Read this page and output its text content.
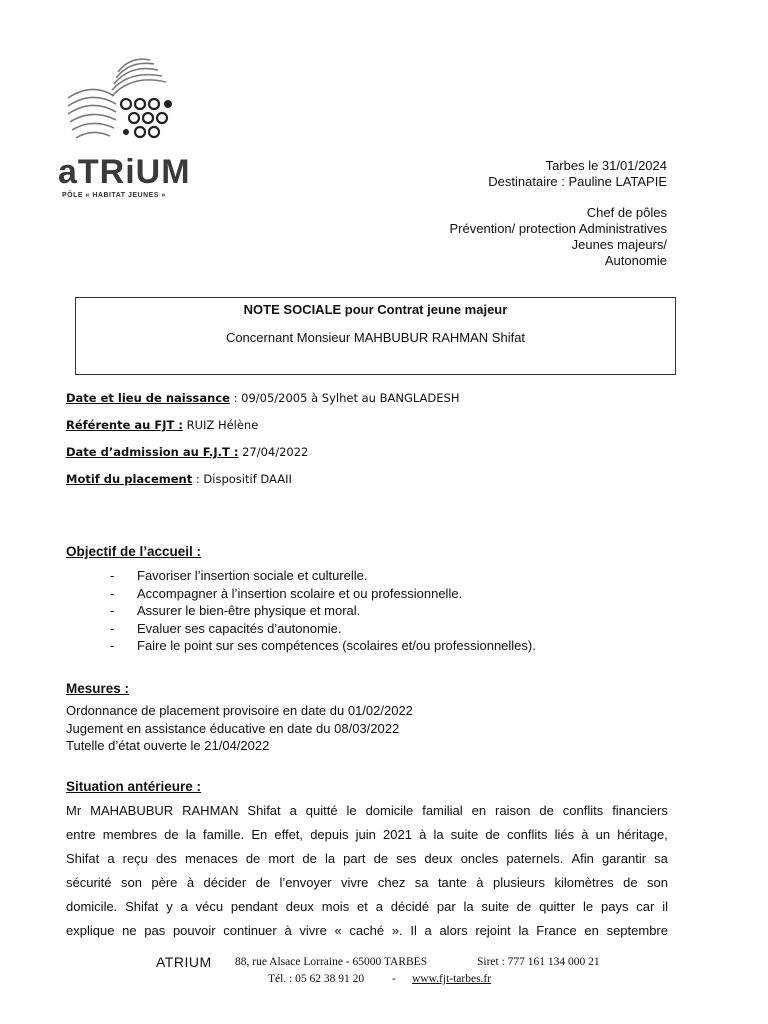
aTRiUM
PÔLE « HABITAT JEUNES »
Tarbes le 31/01/2024
Destinataire : Pauline LATAPIE
Chef de pôles
Prévention/ protection Administratives
Jeunes majeurs/
Autonomie
NOTE SOCIALE pour Contrat jeune majeur
Concernant Monsieur MAHBUBUR RAHMAN Shifat
Date et lieu de naissance : 09/05/2005 à Sylhet au BANGLADESH
Référente au FJT : RUIZ Hélène
Date d’admission au F.J.T : 27/04/2022
Motif du placement : Dispositif DAAII
Objectif de l’accueil :
- Favoriser l’insertion sociale et culturelle.
- Accompagner à l’insertion scolaire et ou professionnelle.
- Assurer le bien-être physique et moral.
- Evaluer ses capacités d’autonomie.
- Faire le point sur ses compétences (scolaires et/ou professionnelles).
Mesures :
Ordonnance de placement provisoire en date du 01/02/2022
Jugement en assistance éducative en date du 08/03/2022
Tutelle d’état ouverte le 21/04/2022
Situation antérieure :
Mr MAHABUBUR RAHMAN Shifat a quitté le domicile familial en raison de conflits financiers
entre membres de la famille. En effet, depuis juin 2021 à la suite de conflits liés à un héritage,
Shifat a reçu des menaces de mort de la part de ses deux oncles paternels. Afin garantir sa
sécurité son père à décider de l’envoyer vivre chez sa tante à plusieurs kilomètres de son
domicile. Shifat y a vécu pendant deux mois et a décidé par la suite de quitter le pays car il
explique ne pas pouvoir continuer à vivre « caché ». Il a alors rejoint la France en septembre
ATRIUM 88, rue Alsace Lorraine - 65000 TARBES	Siret : 777 161 134 000 21
Tél. : 05 62 38 91 20 - www.fjt-tarbes.fr
